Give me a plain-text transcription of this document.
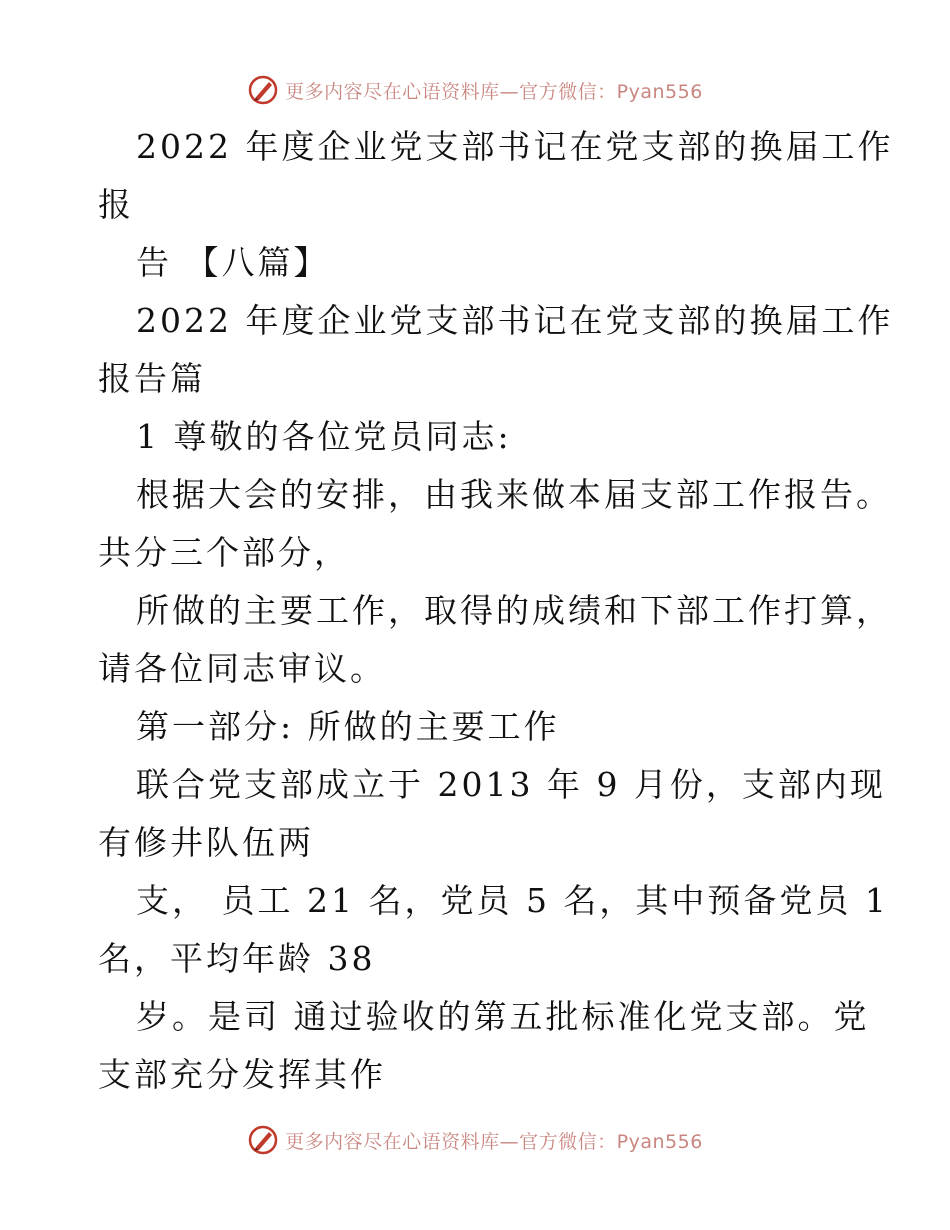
更多内容尽在心语资料库—官方微信：Pyan556
2022 年度企业党支部书记在党支部的换届工作
报
告 【八篇】
2022 年度企业党支部书记在党支部的换届工作
报告篇
1 尊敬的各位党员同志:
根据大会的安排，由我来做本届支部工作报告。
共分三个部分，
所做的主要工作，取得的成绩和下部工作打算，
请各位同志审议。
第一部分: 所做的主要工作
联合党支部成立于 2013 年 9 月份，支部内现
有修井队伍两
支， 员工 21 名，党员 5 名，其中预备党员 1
名，平均年龄 38
岁。是司 通过验收的第五批标准化党支部。党
支部充分发挥其作
更多内容尽在心语资料库—官方微信：Pyan556
